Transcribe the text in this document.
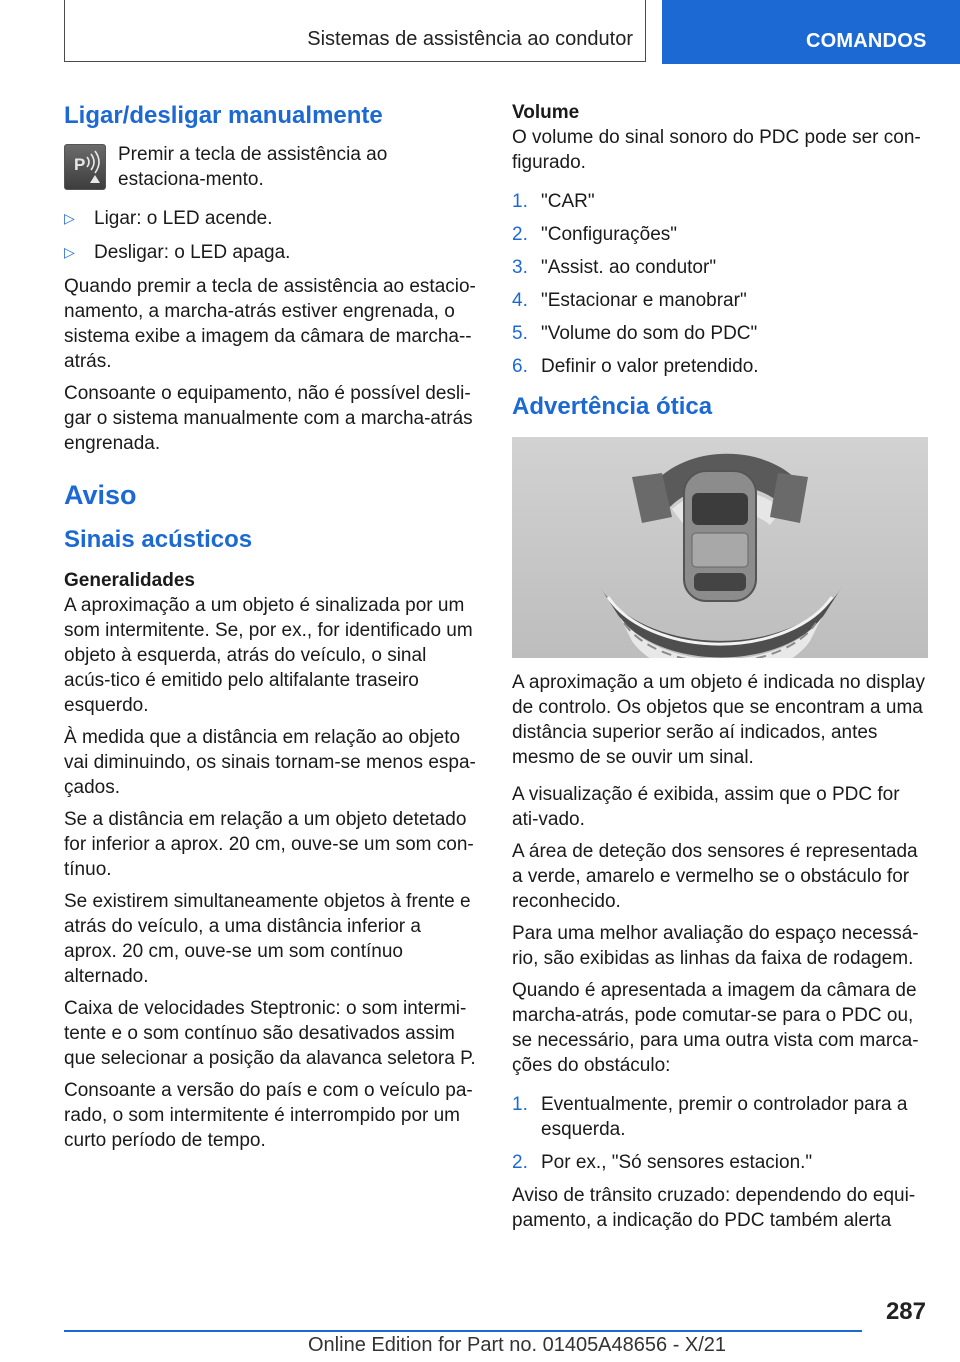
Sistemas de assistência ao condutor	COMANDOS
Ligar/desligar manualmente
P Premir a tecla de assistência ao estaciona-mento.

▷	Ligar: o LED acende.
▷	Desligar: o LED apaga.

Quando premir a tecla de assistência ao estacio-namento, a marcha-atrás estiver engrenada, o sistema exibe a imagem da câmara de marcha--atrás.

Consoante o equipamento, não é possível desli-gar o sistema manualmente com a marcha-atrás engrenada.

Aviso
Sinais acústicos
Generalidades

A aproximação a um objeto é sinalizada por um som intermitente. Se, por ex., for identificado um objeto à esquerda, atrás do veículo, o sinal acús-tico é emitido pelo altifalante traseiro esquerdo.

À medida que a distância em relação ao objeto vai diminuindo, os sinais tornam-se menos espa-çados.

Se a distância em relação a um objeto detetado for inferior a aprox. 20 cm, ouve-se um som con-tínuo.

Se existirem simultaneamente objetos à frente e atrás do veículo, a uma distância inferior a aprox. 20 cm, ouve-se um som contínuo alternado.

Caixa de velocidades Steptronic: o som intermi-tente e o som contínuo são desativados assim que selecionar a posição da alavanca seletora P.

Consoante a versão do país e com o veículo pa-rado, o som intermitente é interrompido por um curto período de tempo.

Volume

O volume do sinal sonoro do PDC pode ser con-figurado.

1. "CAR"
2. "Configurações"
3. "Assist. ao condutor"
4. "Estacionar e manobrar"
5. "Volume do som do PDC"
6. Definir o valor pretendido.
Advertência ótica

A aproximação a um objeto é indicada no display de controlo. Os objetos que se encontram a uma distância superior serão aí indicados, antes mesmo de se ouvir um sinal.

A visualização é exibida, assim que o PDC for ati-vado.

A área de deteção dos sensores é representada a verde, amarelo e vermelho se o obstáculo for reconhecido.

Para uma melhor avaliação do espaço necessá-rio, são exibidas as linhas da faixa de rodagem.

Quando é apresentada a imagem da câmara de marcha-atrás, pode comutar-se para o PDC ou, se necessário, para uma outra vista com marca-ções do obstáculo:

1. Eventualmente, premir o controlador para a esquerda.
2. Por ex., "Só sensores estacion."

Aviso de trânsito cruzado: dependendo do equi-pamento, a indicação do PDC também alerta

287
Online Edition for Part no. 01405A48656 - X/21
